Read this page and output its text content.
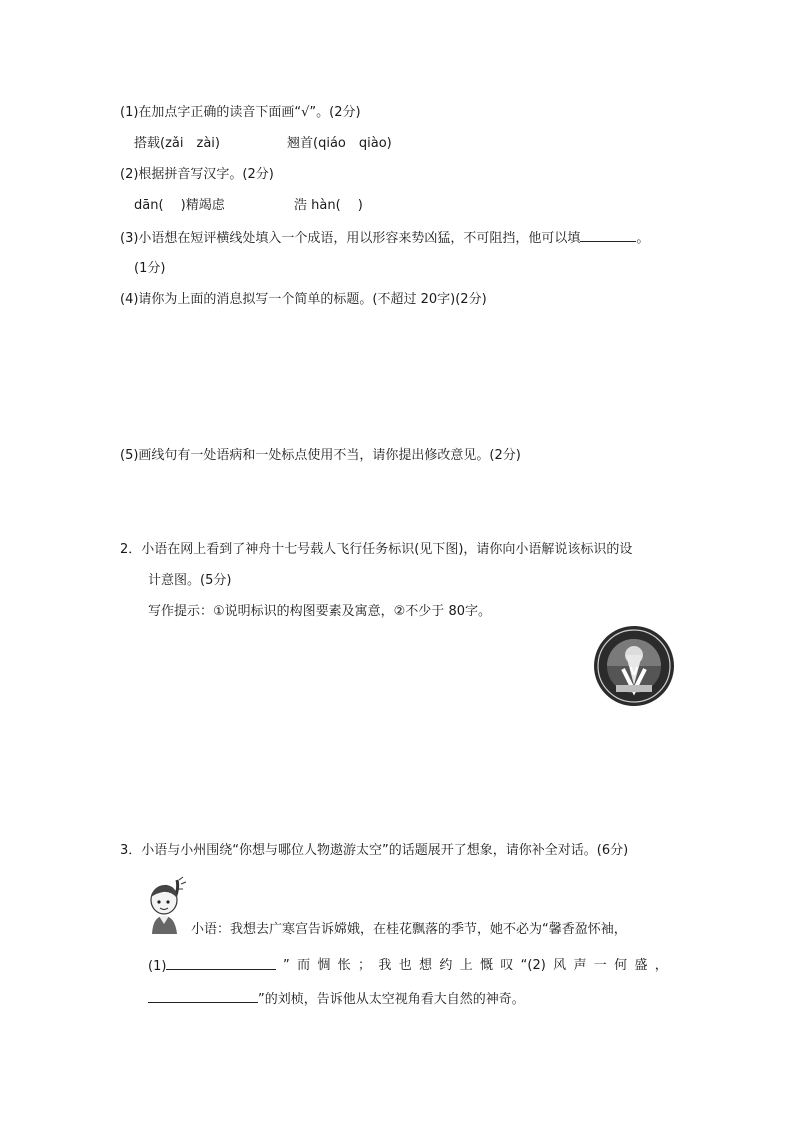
(1)在加点字正确的读音下面画“√”。(2分)
搭载(zǎi　zài)	翘首(qiáo　qiào)
(2)根据拼音写汉字。(2分)
dān(　 )精竭虑	浩 hàn(　 )
(3)小语想在短评横线处填入一个成语，用以形容来势凶猛，不可阻挡，他可以填	。
(1分)
(4)请你为上面的消息拟写一个简单的标题。(不超过 20字)(2分)
(5)画线句有一处语病和一处标点使用不当，请你提出修改意见。(2分)
2．小语在网上看到了神舟十七号载人飞行任务标识(见下图)，请你向小语解说该标识的设
计意图。(5分)
写作提示：①说明标识的构图要素及寓意，②不少于 80字。
V
3．小语与小州围绕“你想与哪位人物遨游太空”的话题展开了想象，请你补全对话。(6分)
小语：我想去广寒宫告诉嫦娥，在桂花飘落的季节，她不必为“馨香盈怀袖，
(1)	” 而 惆 怅 ； 我 也 想 约 上 慨 叹 “(2) 风 声 一 何 盛 ，
”的刘桢，告诉他从太空视角看大自然的神奇。
